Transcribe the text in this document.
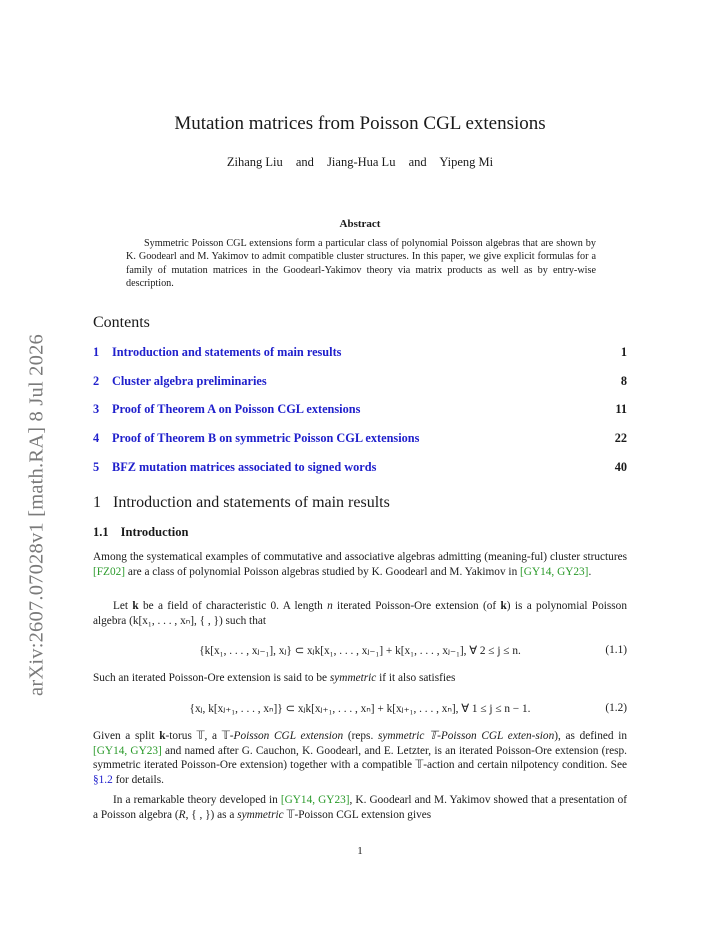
arXiv:2607.07028v1 [math.RA] 8 Jul 2026
Mutation matrices from Poisson CGL extensions
Zihang Liu and Jiang-Hua Lu and Yipeng Mi
Abstract

Symmetric Poisson CGL extensions form a particular class of polynomial Poisson algebras that are shown by K. Goodearl and M. Yakimov to admit compatible cluster structures. In this paper, we give explicit formulas for a family of mutation matrices in the Goodearl-Yakimov theory via matrix products as well as by entry-wise description.

Contents
1 Introduction and statements of main results	1
2 Cluster algebra preliminaries	8
3 Proof of Theorem A on Poisson CGL extensions	11
4 Proof of Theorem B on symmetric Poisson CGL extensions	22
5 BFZ mutation matrices associated to signed words	40
1 Introduction and statements of main results
1.1 Introduction
Among the systematical examples of commutative and associative algebras admitting (meaning-ful) cluster structures [FZ02] are a class of polynomial Poisson algebras studied by K. Goodearl and M. Yakimov in [GY14, GY23].
Let k be a field of characteristic 0. A length n iterated Poisson-Ore extension (of k) is a polynomial Poisson algebra (k[x₁, . . . , xₙ], { , }) such that
{k[x₁, . . . , xⱼ₋₁], xⱼ} ⊂ xⱼk[x₁, . . . , xⱼ₋₁] + k[x₁, . . . , xⱼ₋₁], ∀ 2 ≤ j ≤ n.	(1.1)
Such an iterated Poisson-Ore extension is said to be symmetric if it also satisfies
{xⱼ, k[xⱼ₊₁, . . . , xₙ]} ⊂ xⱼk[xⱼ₊₁, . . . , xₙ] + k[xⱼ₊₁, . . . , xₙ], ∀ 1 ≤ j ≤ n − 1.	(1.2)
Given a split k-torus 𝕋, a 𝕋-Poisson CGL extension (reps. symmetric 𝕋-Poisson CGL exten-sion), as defined in [GY14, GY23] and named after G. Cauchon, K. Goodearl, and E. Letzter, is an iterated Poisson-Ore extension (resp. symmetric iterated Poisson-Ore extension) together with a compatible 𝕋-action and certain nilpotency condition. See §1.2 for details.
In a remarkable theory developed in [GY14, GY23], K. Goodearl and M. Yakimov showed that a presentation of a Poisson algebra (R, { , }) as a symmetric 𝕋-Poisson CGL extension gives
1
